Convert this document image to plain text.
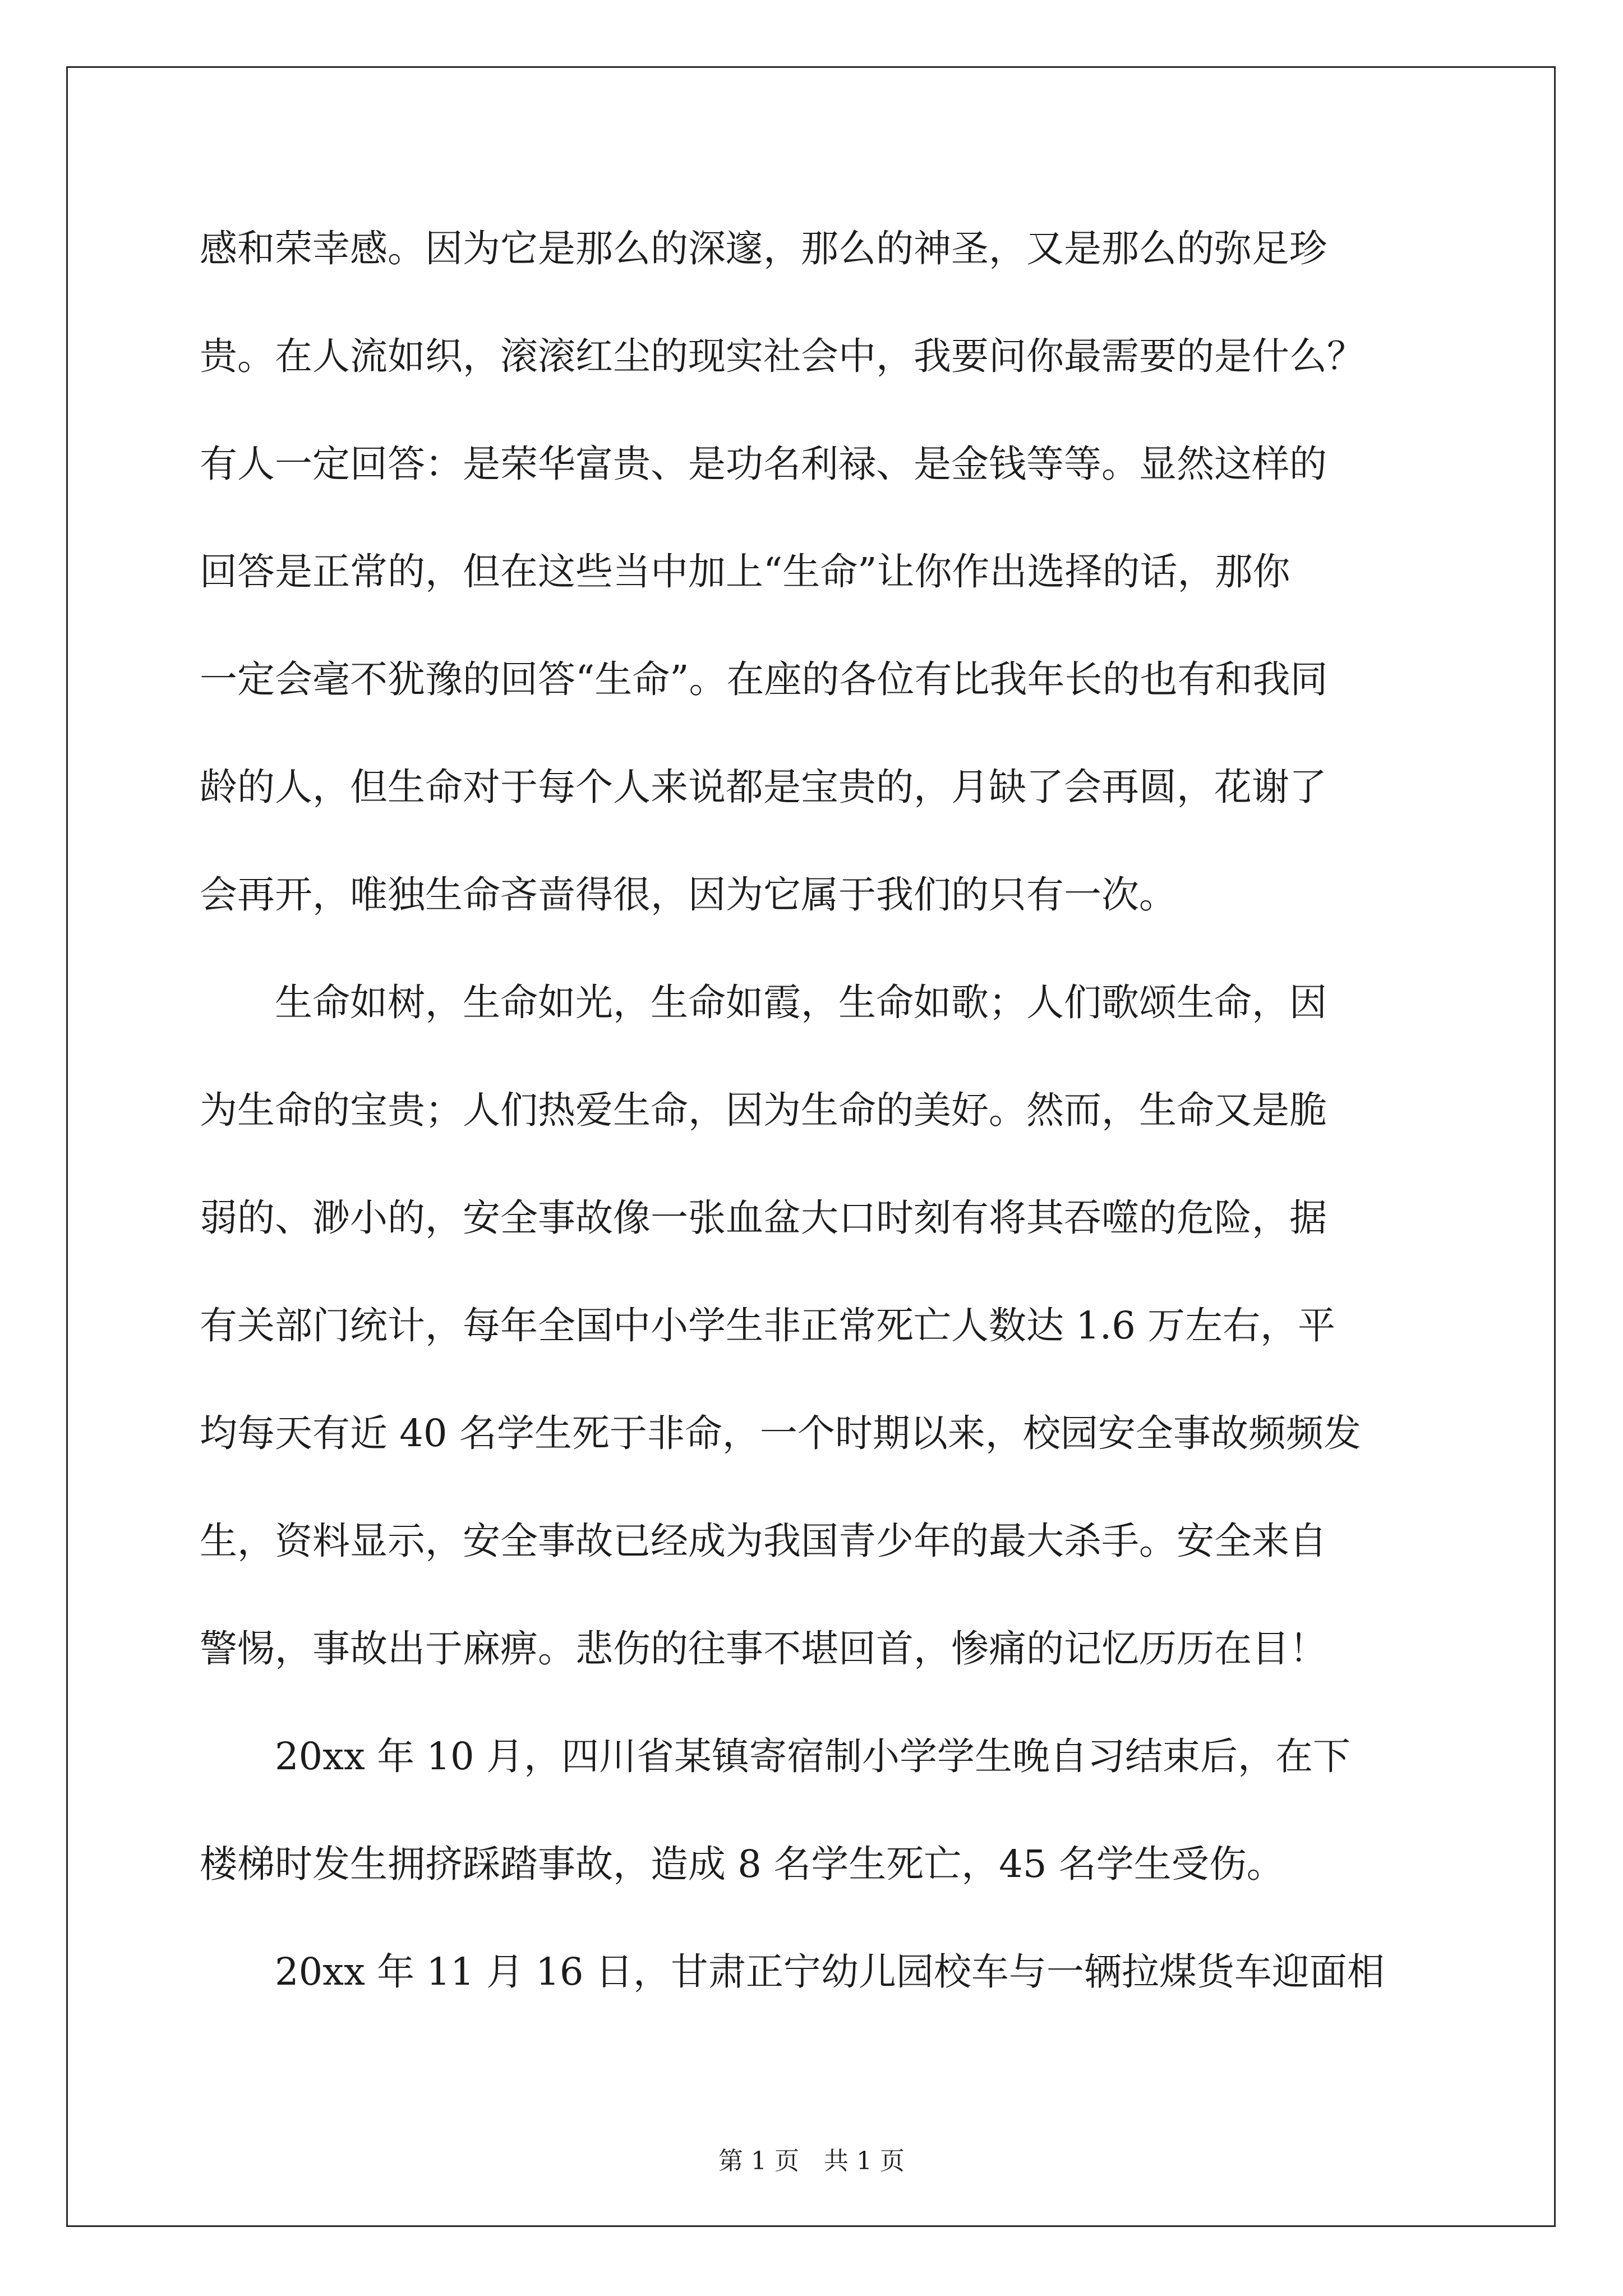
感和荣幸感。因为它是那么的深邃，那么的神圣，又是那么的弥足珍
贵。在人流如织，滚滚红尘的现实社会中，我要问你最需要的是什么？
有人一定回答：是荣华富贵、是功名利禄、是金钱等等。显然这样的
回答是正常的，但在这些当中加上“生命”让你作出选择的话，那你
一定会毫不犹豫的回答“生命”。在座的各位有比我年长的也有和我同
龄的人，但生命对于每个人来说都是宝贵的，月缺了会再圆，花谢了
会再开，唯独生命吝啬得很，因为它属于我们的只有一次。
生命如树，生命如光，生命如霞，生命如歌；人们歌颂生命，因
为生命的宝贵；人们热爱生命，因为生命的美好。然而，生命又是脆
弱的、渺小的，安全事故像一张血盆大口时刻有将其吞噬的危险，据
有关部门统计，每年全国中小学生非正常死亡人数达 1.6 万左右，平
均每天有近 40 名学生死于非命，一个时期以来，校园安全事故频频发
生，资料显示，安全事故已经成为我国青少年的最大杀手。安全来自
警惕，事故出于麻痹。悲伤的往事不堪回首，惨痛的记忆历历在目！
20xx 年 10 月，四川省某镇寄宿制小学学生晚自习结束后，在下
楼梯时发生拥挤踩踏事故，造成 8 名学生死亡，45 名学生受伤。
20xx 年 11 月 16 日，甘肃正宁幼儿园校车与一辆拉煤货车迎面相
第 1 页　共 1 页
